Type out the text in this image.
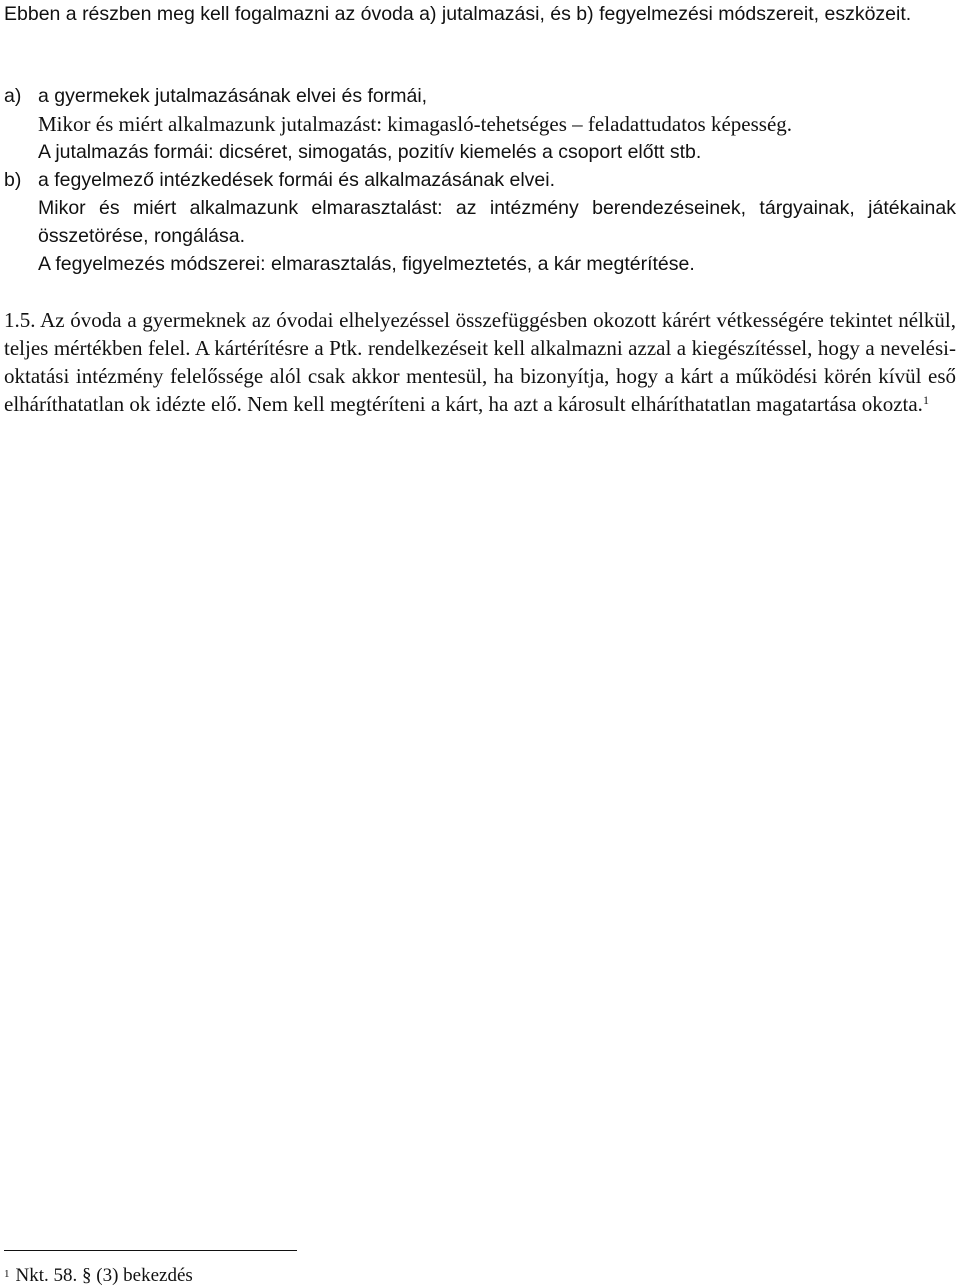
Ebben a részben meg kell fogalmazni az óvoda a) jutalmazási, és b) fegyelmezési módszereit, eszközeit.

a) a gyermekek jutalmazásának elvei és formái,
Mikor és miért alkalmazunk jutalmazást: kimagasló-tehetséges – feladattudatos képesség.
A jutalmazás formái: dicséret, simogatás, pozitív kiemelés a csoport előtt stb.
b) a fegyelmező intézkedések formái és alkalmazásának elvei.
Mikor és miért alkalmazunk elmarasztalást: az intézmény berendezéseinek, tárgyainak, játékainak összetörése, rongálása.
A fegyelmezés módszerei: elmarasztalás, figyelmeztetés, a kár megtérítése.

1.5. Az óvoda a gyermeknek az óvodai elhelyezéssel összefüggésben okozott kárért vétkességére tekintet nélkül, teljes mértékben felel. A kártérítésre a Ptk. rendelkezéseit kell alkalmazni azzal a kiegészítéssel, hogy a nevelési-oktatási intézmény felelőssége alól csak akkor mentesül, ha bizonyítja, hogy a kárt a működési körén kívül eső elháríthatatlan ok idézte elő. Nem kell megtéríteni a kárt, ha azt a károsult elháríthatatlan magatartása okozta.$^1$

$^1$ Nkt. 58. § (3) bekezdés
